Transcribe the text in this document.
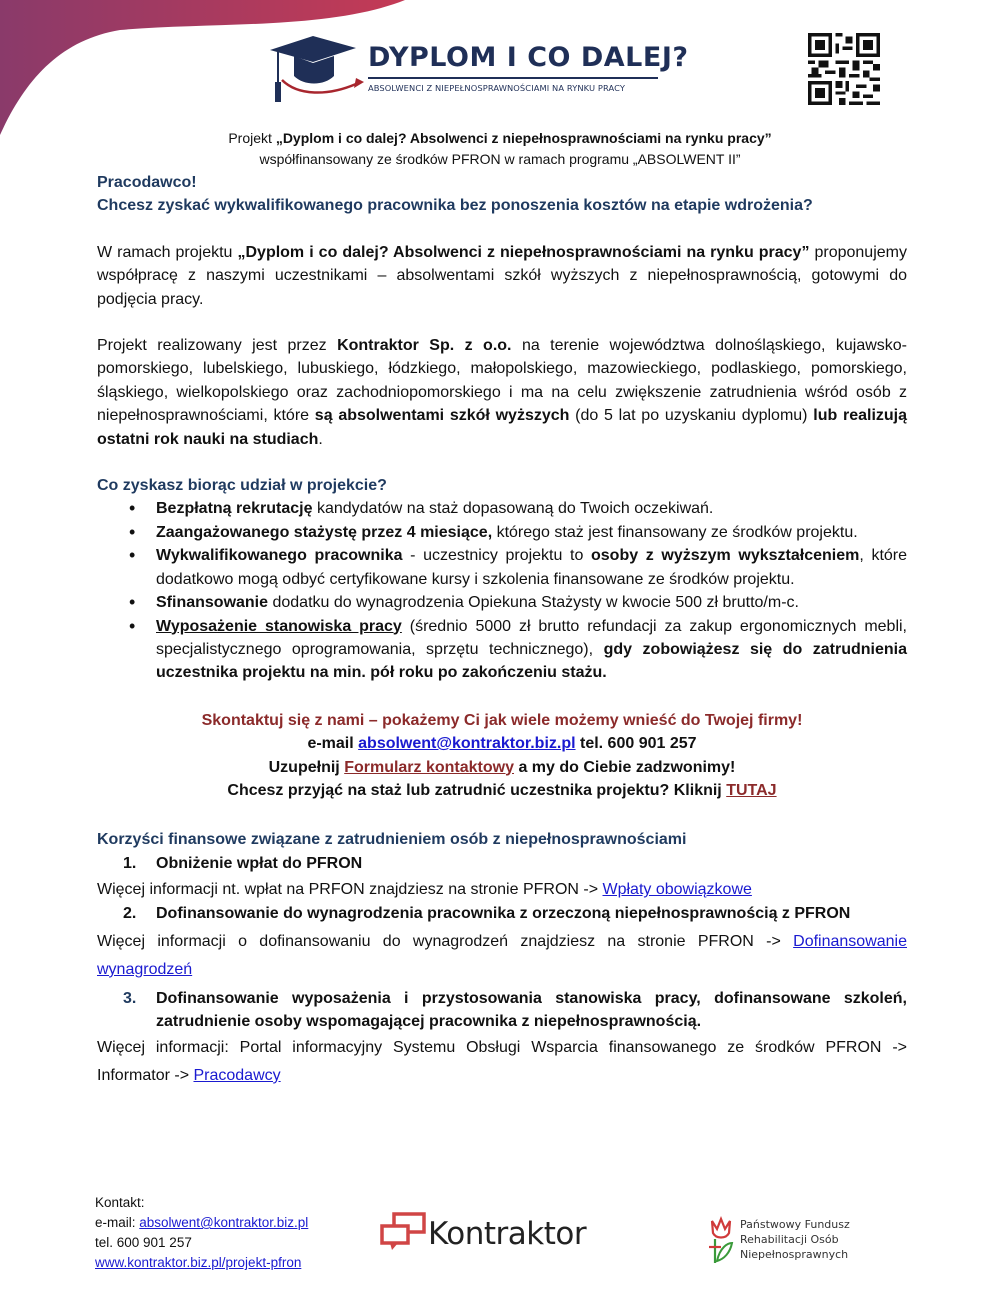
DYPLOM I CO DALEJ?
ABSOLWENCI Z NIEPEŁNOSPRAWNOŚCIAMI NA RYNKU PRACY
Projekt „Dyplom i co dalej? Absolwenci z niepełnosprawnościami na rynku pracy”
współfinansowany ze środków PFRON w ramach programu „ABSOLWENT II”
Pracodawco!
Chcesz zyskać wykwalifikowanego pracownika bez ponoszenia kosztów na etapie wdrożenia?

W ramach projektu „Dyplom i co dalej? Absolwenci z niepełnosprawnościami na rynku pracy” proponujemy współpracę z naszymi uczestnikami – absolwentami szkół wyższych z niepełnosprawnością, gotowymi do podjęcia pracy.

Projekt realizowany jest przez Kontraktor Sp. z o.o. na terenie województwa dolnośląskiego, kujawsko-pomorskiego, lubelskiego, lubuskiego, łódzkiego, małopolskiego, mazowieckiego, podlaskiego, pomorskiego, śląskiego, wielkopolskiego oraz zachodniopomorskiego i ma na celu zwiększenie zatrudnienia wśród osób z niepełnosprawnościami, które są absolwentami szkół wyższych (do 5 lat po uzyskaniu dyplomu) lub realizują ostatni rok nauki na studiach.

Co zyskasz biorąc udział w projekcie?
• Bezpłatną rekrutację kandydatów na staż dopasowaną do Twoich oczekiwań.
• Zaangażowanego stażystę przez 4 miesiące, którego staż jest finansowany ze środków projektu.
• Wykwalifikowanego pracownika - uczestnicy projektu to osoby z wyższym wykształceniem, które dodatkowo mogą odbyć certyfikowane kursy i szkolenia finansowane ze środków projektu.
• Sfinansowanie dodatku do wynagrodzenia Opiekuna Stażysty w kwocie 500 zł brutto/m-c.
• Wyposażenie stanowiska pracy (średnio 5000 zł brutto refundacji za zakup ergonomicznych mebli, specjalistycznego oprogramowania, sprzętu technicznego), gdy zobowiążesz się do zatrudnienia uczestnika projektu na min. pół roku po zakończeniu stażu.
Skontaktuj się z nami – pokażemy Ci jak wiele możemy wnieść do Twojej firmy!
e-mail absolwent@kontraktor.biz.pl tel. 600 901 257
Uzupełnij Formularz kontaktowy a my do Ciebie zadzwonimy!
Chcesz przyjąć na staż lub zatrudnić uczestnika projektu? Kliknij TUTAJ
Korzyści finansowe związane z zatrudnieniem osób z niepełnosprawnościami
1.	Obniżenie wpłat do PFRON

Więcej informacji nt. wpłat na PRFON znajdziesz na stronie PFRON -> Wpłaty obowiązkowe

2.	Dofinansowanie do wynagrodzenia pracownika z orzeczoną niepełnosprawnością z PFRON

Więcej informacji o dofinansowaniu do wynagrodzeń znajdziesz na stronie PFRON -> Dofinansowanie wynagrodzeń

3.	Dofinansowanie wyposażenia i przystosowania stanowiska pracy, dofinansowane szkoleń, zatrudnienie osoby wspomagającej pracownika z niepełnosprawnością.

Więcej informacji: Portal informacyjny Systemu Obsługi Wsparcia finansowanego ze środków PFRON -> Informator -> Pracodawcy

Kontakt:
e-mail: absolwent@kontraktor.biz.pl
tel. 600 901 257
www.kontraktor.biz.pl/projekt-pfron
Kontraktor	Państwowy Fundusz
Rehabilitacji Osób
Niepełnosprawnych
